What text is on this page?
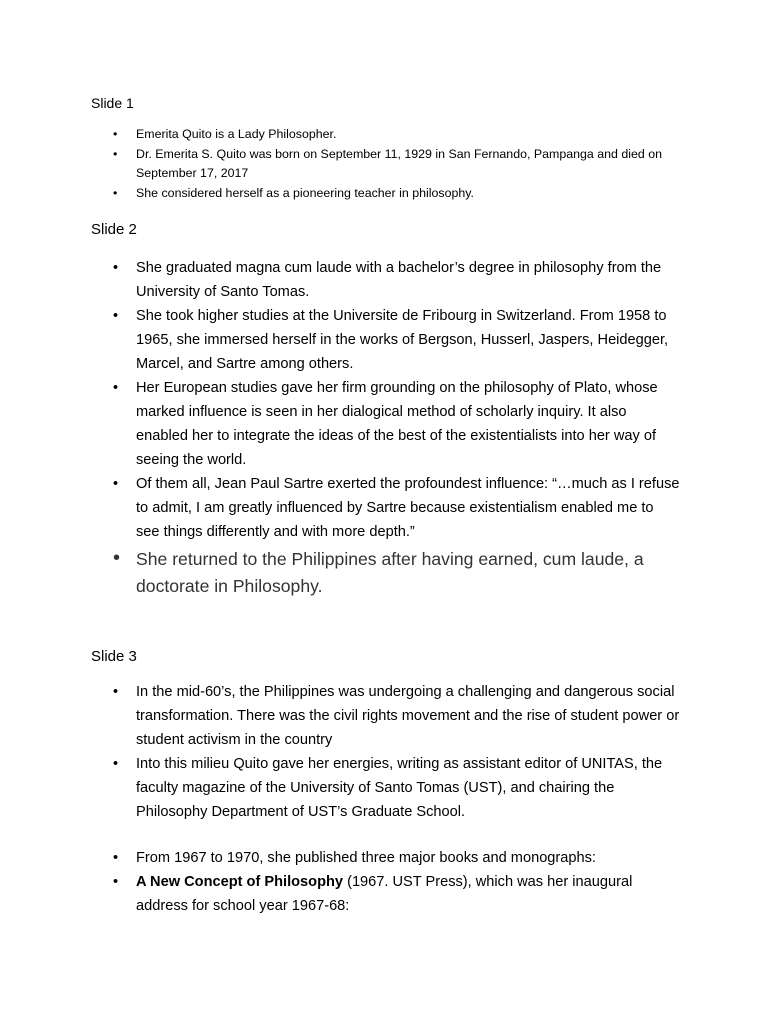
Slide 1
• Emerita Quito is a Lady Philosopher.
• Dr. Emerita S. Quito was born on September 11, 1929 in San Fernando, Pampanga and died on September 17, 2017
• She considered herself as a pioneering teacher in philosophy.
Slide 2
• She graduated magna cum laude with a bachelor’s degree in philosophy from the University of Santo Tomas.
• She took higher studies at the Universite de Fribourg in Switzerland. From 1958 to 1965, she immersed herself in the works of Bergson, Husserl, Jaspers, Heidegger, Marcel, and Sartre among others.
• Her European studies gave her firm grounding on the philosophy of Plato, whose marked influence is seen in her dialogical method of scholarly inquiry. It also enabled her to integrate the ideas of the best of the existentialists into her way of seeing the world.
• Of them all, Jean Paul Sartre exerted the profoundest influence: “…much as I refuse to admit, I am greatly influenced by Sartre because existentialism enabled me to see things differently and with more depth.”
• She returned to the Philippines after having earned, cum laude, a doctorate in Philosophy.
Slide 3
• In the mid-60’s, the Philippines was undergoing a challenging and dangerous social transformation. There was the civil rights movement and the rise of student power or student activism in the country
• Into this milieu Quito gave her energies, writing as assistant editor of UNITAS, the faculty magazine of the University of Santo Tomas (UST), and chairing the Philosophy Department of UST’s Graduate School.
• From 1967 to 1970, she published three major books and monographs:
• A New Concept of Philosophy (1967. UST Press), which was her inaugural address for school year 1967-68:
